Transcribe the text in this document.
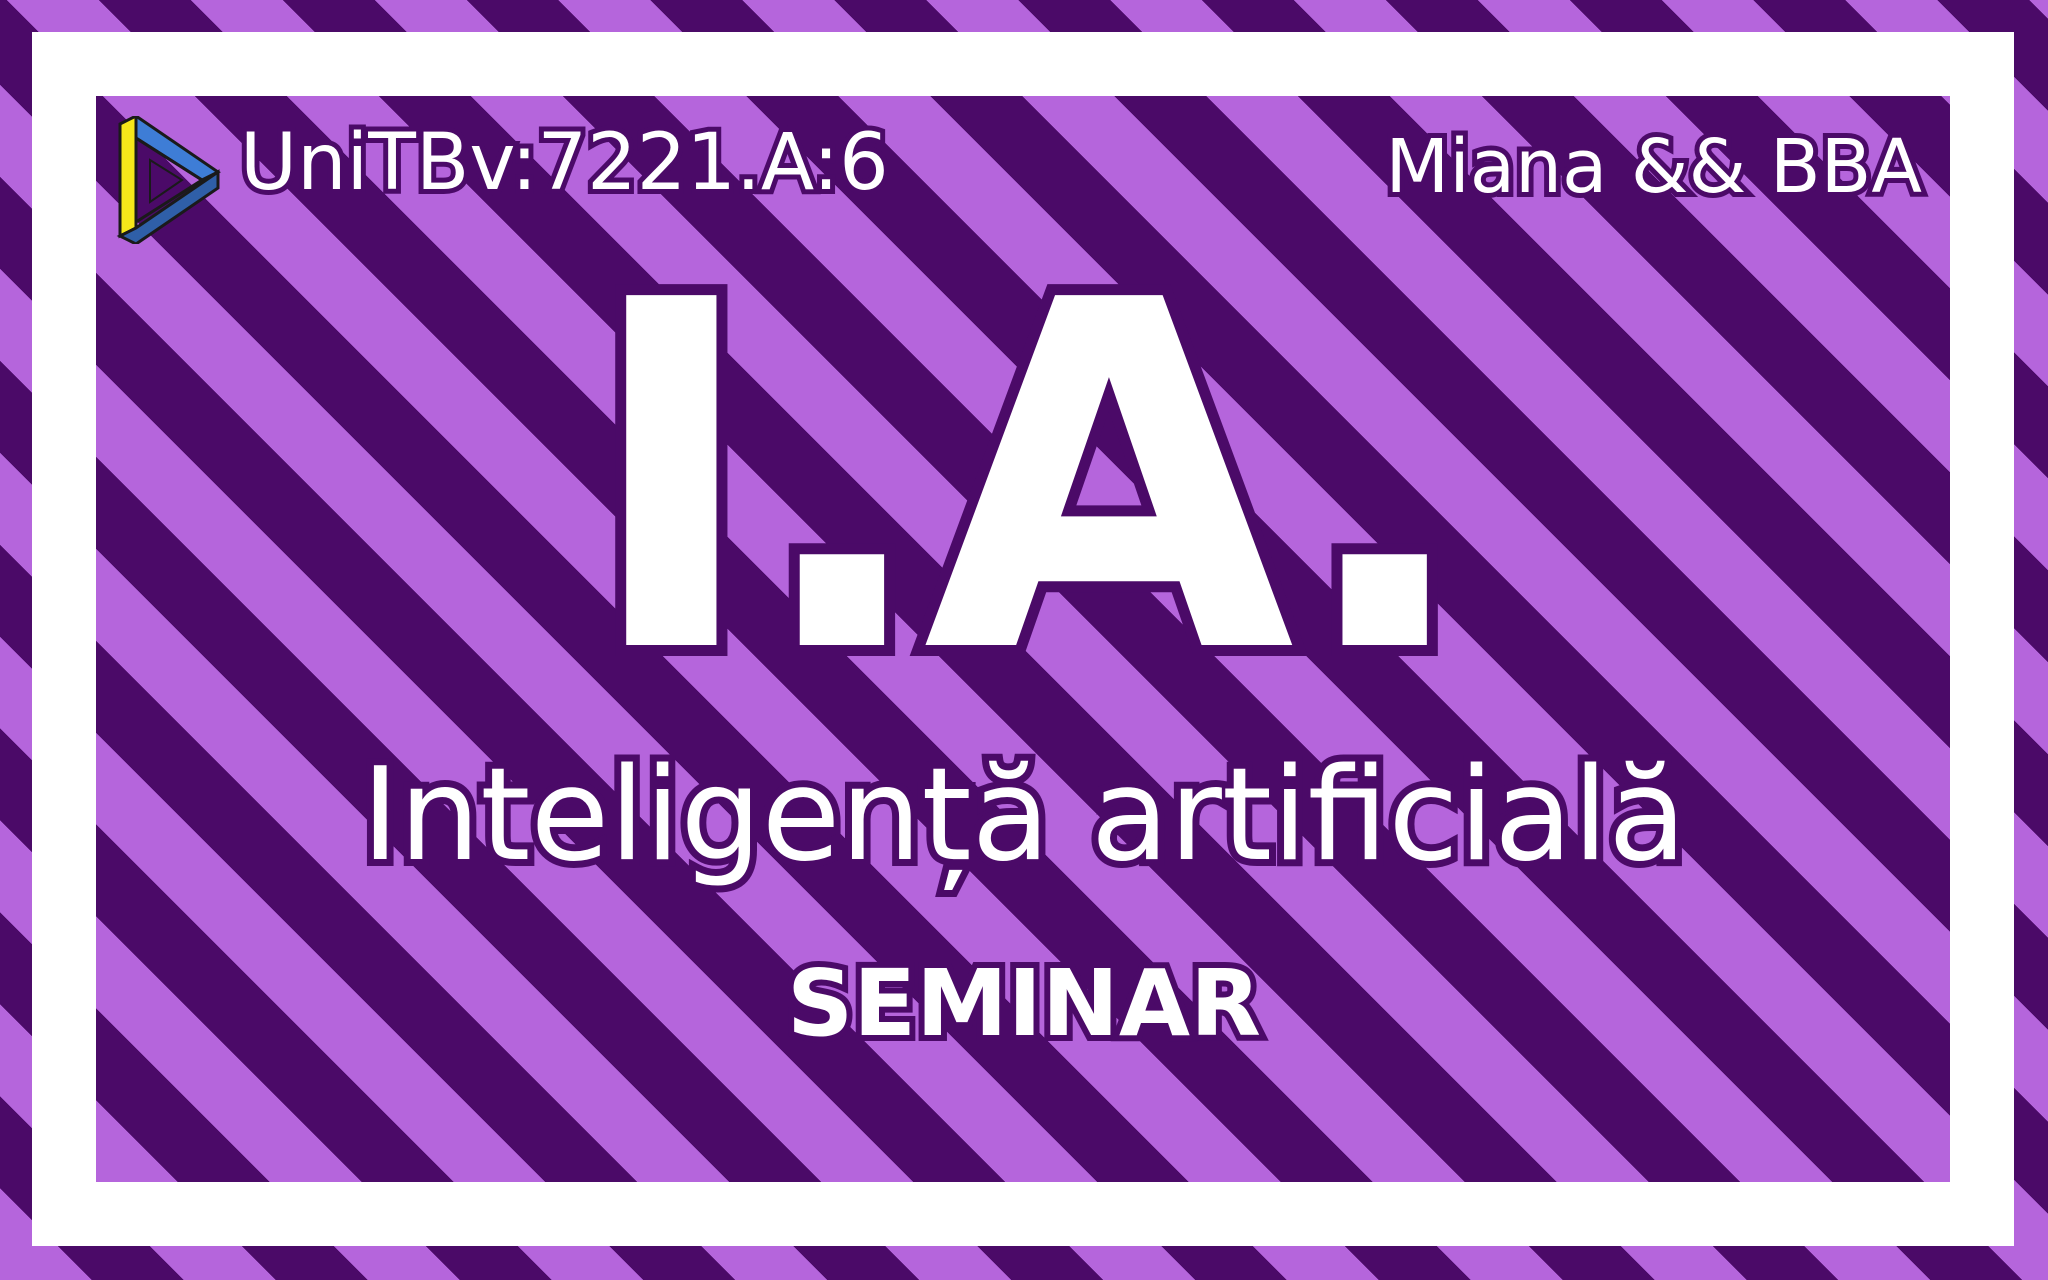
UniTBv:7221.A:6	Miana && BBA
I.A.
Inteligență artificială
SEMINAR
